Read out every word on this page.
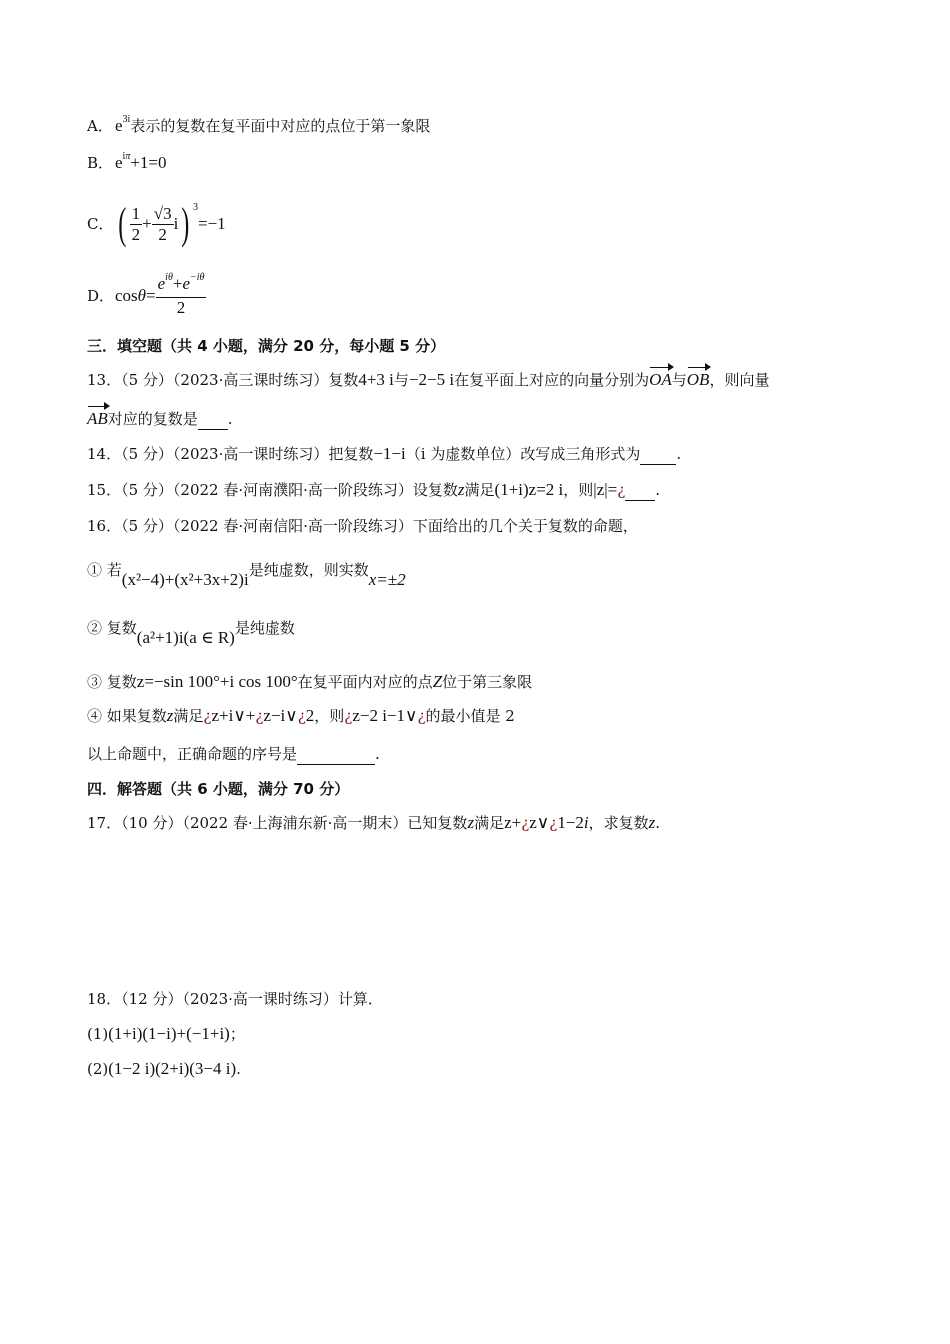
A． $e^{3i}$表示的复数在复平面中对应的点位于第一象限
B． $e^{i\pi}+1=0$
C． ( $\frac{1}{2} + \frac{√3}{2} i$) $^3$=−1
D．$\cos\theta= \frac{e^{i\theta}+e^{-i\theta}}{2}$
三．填空题（共 4 小题，满分 20 分，每小题 5 分）
13．（5 分）（2023·高三课时练习）复数4+3 i与−2−5 i在复平面上对应的向量分别为OA与OB，则向量
AB对应的复数是 .
14．（5 分）（2023·高一课时练习）把复数−1−i（i 为虚数单位）改写成三角形式为 .
15．（5 分）（2022 春·河南濮阳·高一阶段练习）设复数z满足(1+i)z=2 i，则|z|=¿ .
16．（5 分）（2022 春·河南信阳·高一阶段练习）下面给出的几个关于复数的命题，
① 若(x²−4)+(x²+3x+2)i是纯虚数，则实数x=±2
② 复数(a²+1)i(a ∈ R)是纯虚数
③ 复数z=−sin 100°+i cos 100°在复平面内对应的点Z位于第三象限
④ 如果复数z满足¿z+i∨+¿z−i∨¿2，则¿z−2 i−1∨¿的最小值是 2
以上命题中，正确命题的序号是	.
四．解答题（共 6 小题，满分 70 分）
17．（10 分）（2022 春·上海浦东新·高一期末）已知复数z满足z+¿z∨¿1−2i，求复数z.
18．（12 分）（2023·高一课时练习）计算．
(1)(1+i)(1−i)+(−1+i)；
(2)(1−2 i)(2+i)(3−4 i).
